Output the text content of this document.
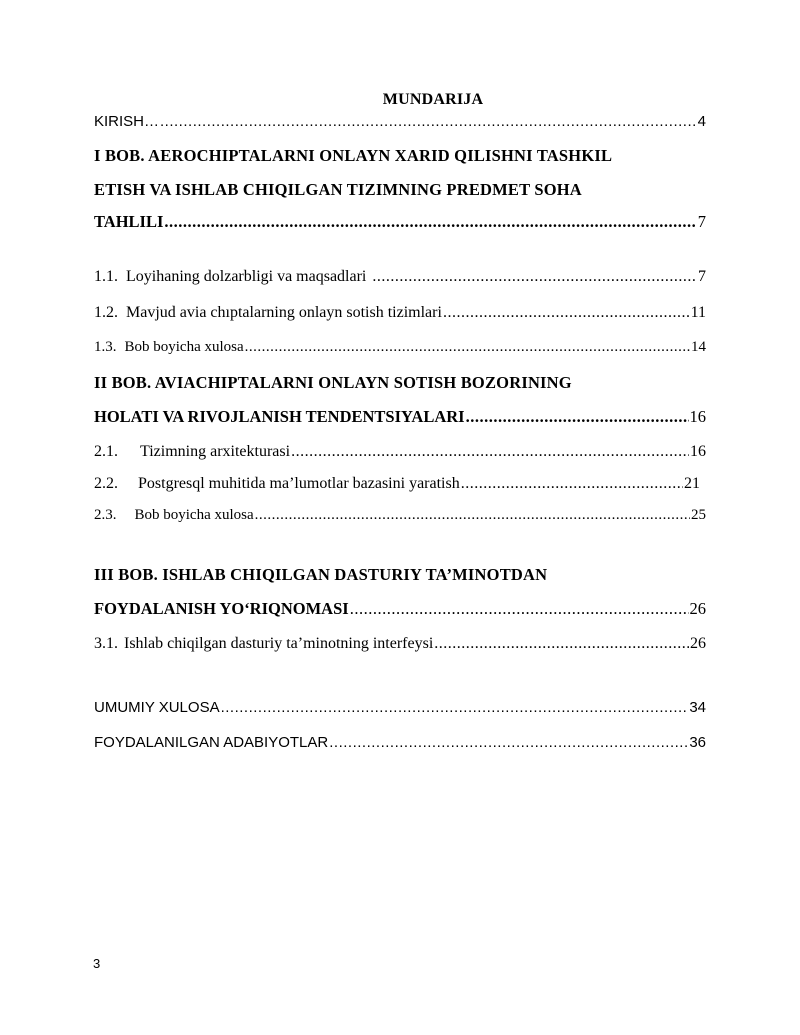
MUNDARIJA
KIRISH… .....	4
I BOB. AEROCHIPTALARNI ONLAYN XARID QILISHNI TASHKIL
ETISH VA ISHLAB CHIQILGAN TIZIMNING PREDMET SOHA
TAHLILI .....	7
1.1. Loyihaning dolzarbligi va maqsadlari .....	7
1.2. Mavjud avia chıptalarning onlayn sotish tizimlari .....	11
1.3. Bob boyicha xulosa .....	14
II BOB. AVIACHIPTALARNI ONLAYN SOTISH BOZORINING
HOLATI VA RIVOJLANISH TENDENTSIYALARI .....	16
2.1. Tizimning arxitekturasi .....	16
2.2. Postgresql muhitida ma’lumotlar bazasini yaratish .....	21
2.3. Bob boyicha xulosa .....	25
III BOB. ISHLAB CHIQILGAN DASTURIY TA’MINOTDAN
FOYDALANISH YO‘RIQNOMASI .....	26
3.1. Ishlab chiqilgan dasturiy ta’minotning interfeysi .....	26
UMUMIY XULOSA .....	34
FOYDALANILGAN ADABIYOTLAR .....	36
3
